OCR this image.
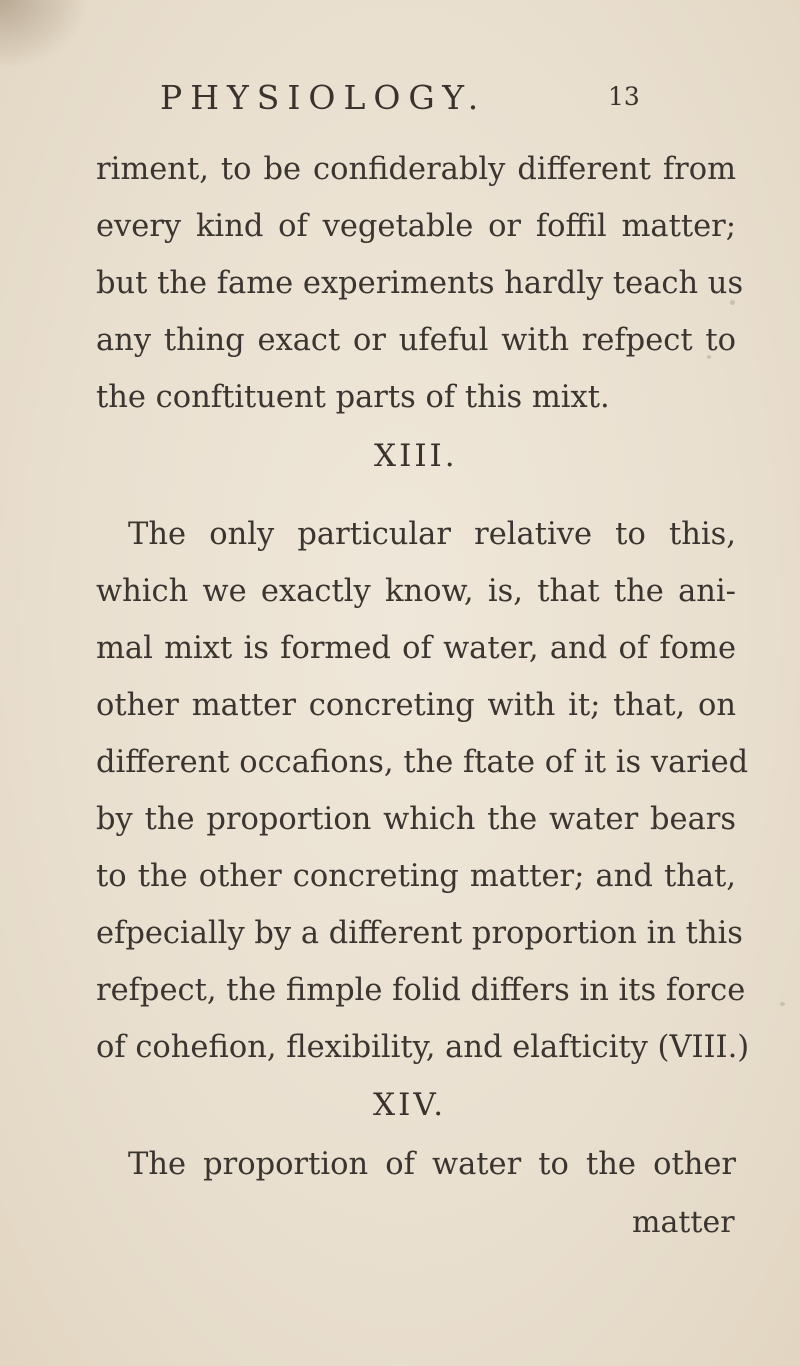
PHYSIOLOGY.	13
riment, to be confiderably different from
every kind of vegetable or foffil matter;
but the fame experiments hardly teach us
any thing exact or ufeful with refpect to
the conftituent parts of this mixt.
XIII.
The only particular relative to this,
which we exactly know, is, that the ani-
mal mixt is formed of water, and of fome
other matter concreting with it; that, on
different occafions, the ftate of it is varied
by the proportion which the water bears
to the other concreting matter; and that,
efpecially by a different proportion in this
refpect, the fimple folid differs in its force
of cohefion, flexibility, and elafticity (VIII.)
XIV.
The proportion of water to the other
matter
